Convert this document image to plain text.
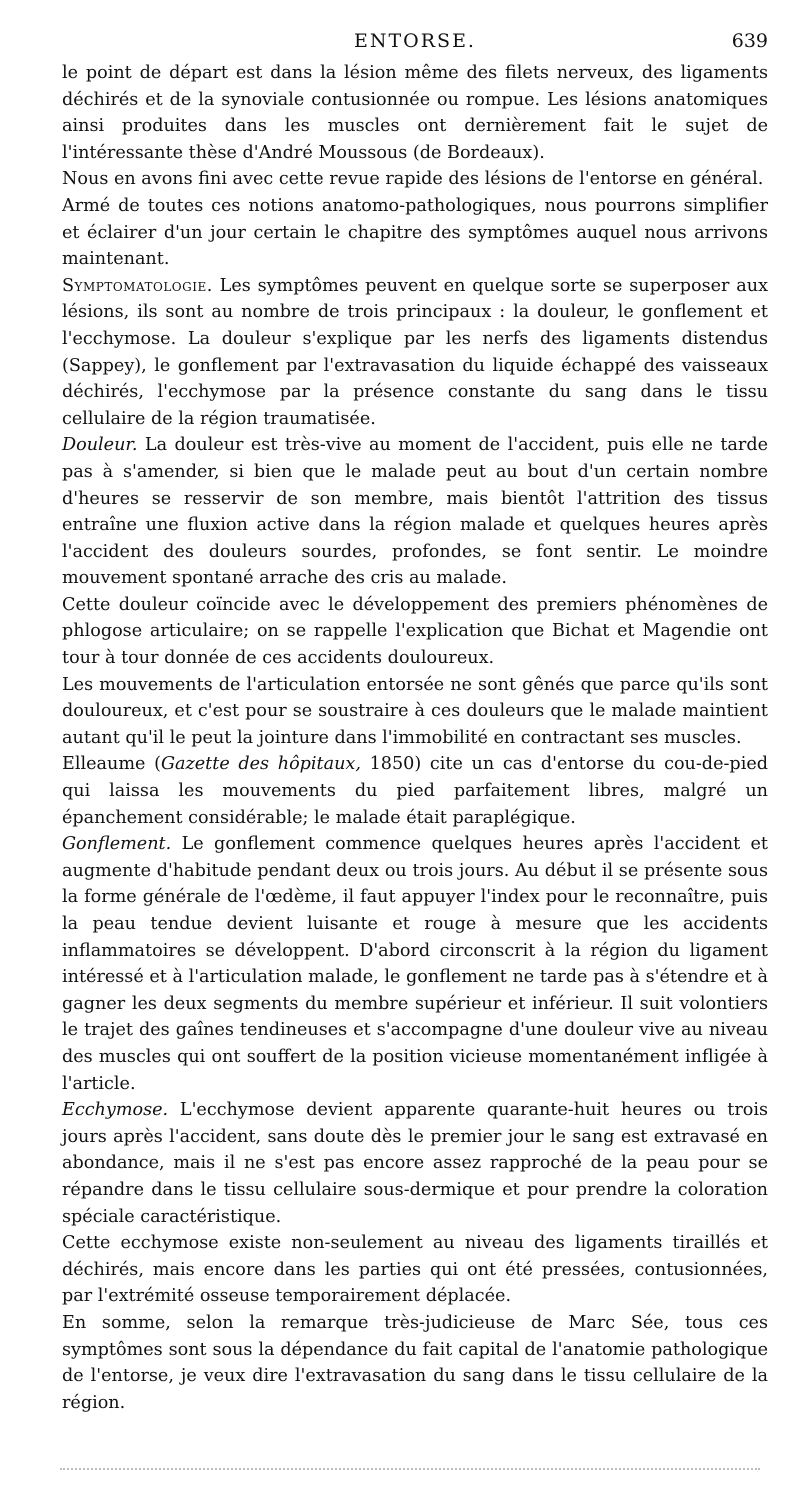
ENTORSE.	639

le point de départ est dans la lésion même des filets nerveux, des ligaments déchirés et de la synoviale contusionnée ou rompue. Les lésions anatomiques ainsi produites dans les muscles ont dernièrement fait le sujet de l'intéressante thèse d'André Moussous (de Bordeaux).

Nous en avons fini avec cette revue rapide des lésions de l'entorse en général.

Armé de toutes ces notions anatomo-pathologiques, nous pourrons simplifier et éclairer d'un jour certain le chapitre des symptômes auquel nous arrivons maintenant.

Symptomatologie. Les symptômes peuvent en quelque sorte se superposer aux lésions, ils sont au nombre de trois principaux : la douleur, le gonflement et l'ecchymose. La douleur s'explique par les nerfs des ligaments distendus (Sappey), le gonflement par l'extravasation du liquide échappé des vaisseaux déchirés, l'ecchymose par la présence constante du sang dans le tissu cellulaire de la région traumatisée.

Douleur. La douleur est très-vive au moment de l'accident, puis elle ne tarde pas à s'amender, si bien que le malade peut au bout d'un certain nombre d'heures se resservir de son membre, mais bientôt l'attrition des tissus entraîne une fluxion active dans la région malade et quelques heures après l'accident des douleurs sourdes, profondes, se font sentir. Le moindre mouvement spontané arrache des cris au malade.

Cette douleur coïncide avec le développement des premiers phénomènes de phlogose articulaire; on se rappelle l'explication que Bichat et Magendie ont tour à tour donnée de ces accidents douloureux.

Les mouvements de l'articulation entorsée ne sont gênés que parce qu'ils sont douloureux, et c'est pour se soustraire à ces douleurs que le malade maintient autant qu'il le peut la jointure dans l'immobilité en contractant ses muscles.

Elleaume (Gazette des hôpitaux, 1850) cite un cas d'entorse du cou-de-pied qui laissa les mouvements du pied parfaitement libres, malgré un épanchement considérable; le malade était paraplégique.

Gonflement. Le gonflement commence quelques heures après l'accident et augmente d'habitude pendant deux ou trois jours. Au début il se présente sous la forme générale de l'œdème, il faut appuyer l'index pour le reconnaître, puis la peau tendue devient luisante et rouge à mesure que les accidents inflammatoires se développent. D'abord circonscrit à la région du ligament intéressé et à l'articulation malade, le gonflement ne tarde pas à s'étendre et à gagner les deux segments du membre supérieur et inférieur. Il suit volontiers le trajet des gaînes tendineuses et s'accompagne d'une douleur vive au niveau des muscles qui ont souffert de la position vicieuse momentanément infligée à l'article.

Ecchymose. L'ecchymose devient apparente quarante-huit heures ou trois jours après l'accident, sans doute dès le premier jour le sang est extravasé en abondance, mais il ne s'est pas encore assez rapproché de la peau pour se répandre dans le tissu cellulaire sous-dermique et pour prendre la coloration spéciale caractéristique.

Cette ecchymose existe non-seulement au niveau des ligaments tiraillés et déchirés, mais encore dans les parties qui ont été pressées, contusionnées, par l'extrémité osseuse temporairement déplacée.

En somme, selon la remarque très-judicieuse de Marc Sée, tous ces symptômes sont sous la dépendance du fait capital de l'anatomie pathologique de l'entorse, je veux dire l'extravasation du sang dans le tissu cellulaire de la région.
